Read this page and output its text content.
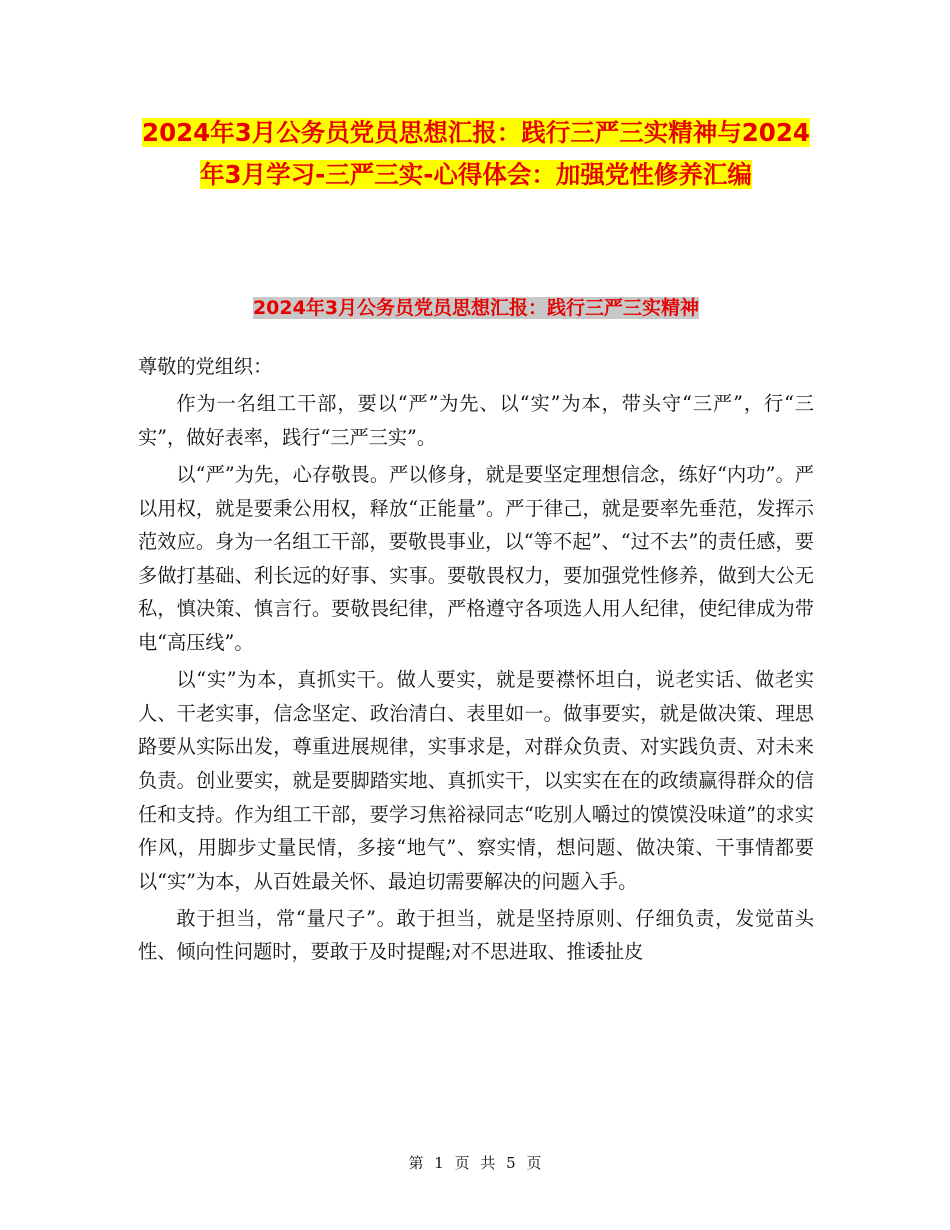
2024年3月公务员党员思想汇报：践行三严三实精神与2024年3月学习-三严三实-心得体会：加强党性修养汇编
2024年3月公务员党员思想汇报：践行三严三实精神

尊敬的党组织：

作为一名组工干部，要以“严”为先、以“实”为本，带头守“三严”，行“三实”，做好表率，践行“三严三实”。

以“严”为先，心存敬畏。严以修身，就是要坚定理想信念，练好“内功”。严以用权，就是要秉公用权，释放“正能量”。严于律己，就是要率先垂范，发挥示范效应。身为一名组工干部，要敬畏事业，以“等不起”、“过不去”的责任感，要多做打基础、利长远的好事、实事。要敬畏权力，要加强党性修养，做到大公无私，慎决策、慎言行。要敬畏纪律，严格遵守各项选人用人纪律，使纪律成为带电“高压线”。

以“实”为本，真抓实干。做人要实，就是要襟怀坦白，说老实话、做老实人、干老实事，信念坚定、政治清白、表里如一。做事要实，就是做决策、理思路要从实际出发，尊重进展规律，实事求是，对群众负责、对实践负责、对未来负责。创业要实，就是要脚踏实地、真抓实干，以实实在在的政绩赢得群众的信任和支持。作为组工干部，要学习焦裕禄同志“吃别人嚼过的馍馍没味道”的求实作风，用脚步丈量民情，多接“地气”、察实情，想问题、做决策、干事情都要以“实”为本，从百姓最关怀、最迫切需要解决的问题入手。

敢于担当，常“量尺子”。敢于担当，就是坚持原则、仔细负责，发觉苗头性、倾向性问题时，要敢于及时提醒;对不思进取、推诿扯皮

第 1 页 共 5 页
